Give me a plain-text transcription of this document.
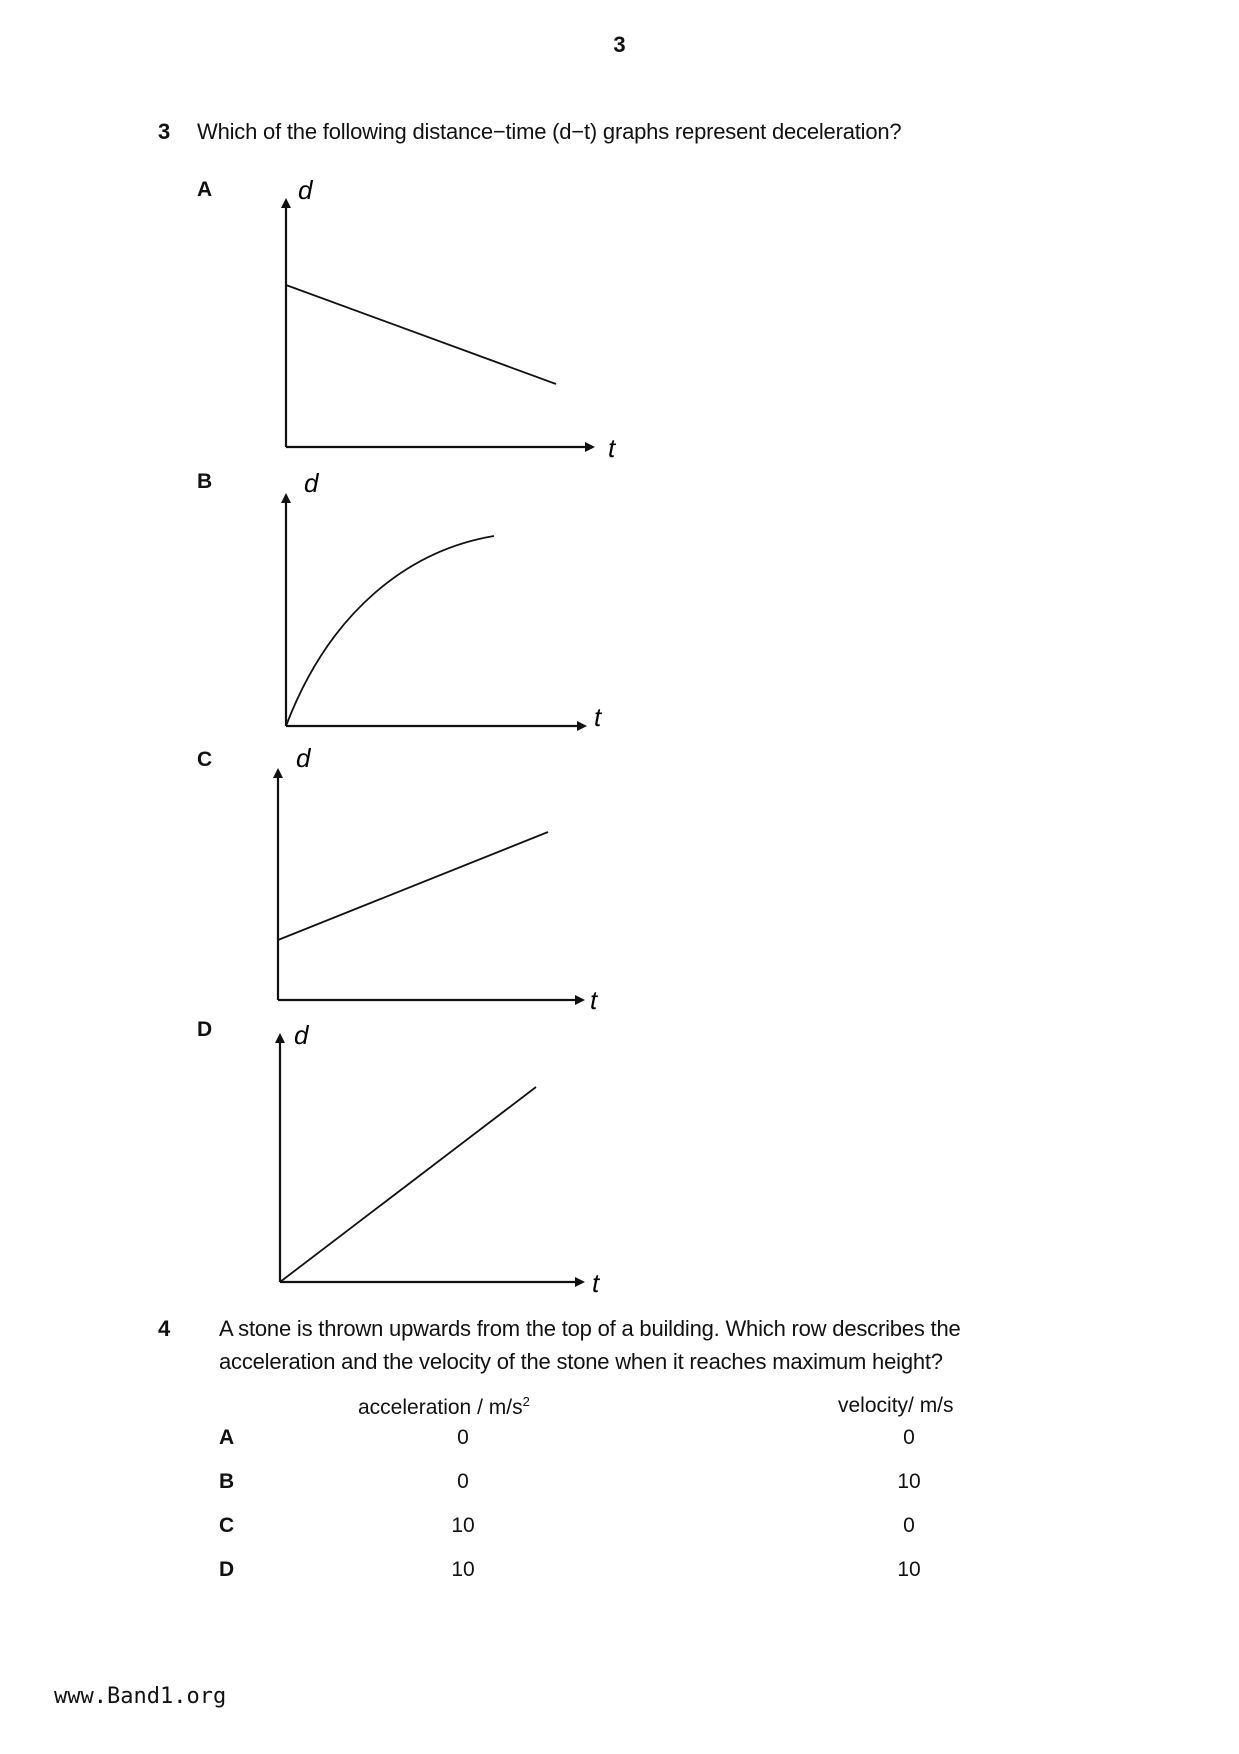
3
3 Which of the following distance−time (d−t) graphs represent deceleration?
A	d
t
B	d
t
C	d
t
D	d
t
4 A stone is thrown upwards from the top of a building. Which row describes the
acceleration and the velocity of the stone when it reaches maximum height?
acceleration / $m/s^2$	velocity/ m/s
A	0	0
B	0	10
C	10	0
D	10	10
www.Band1.org
